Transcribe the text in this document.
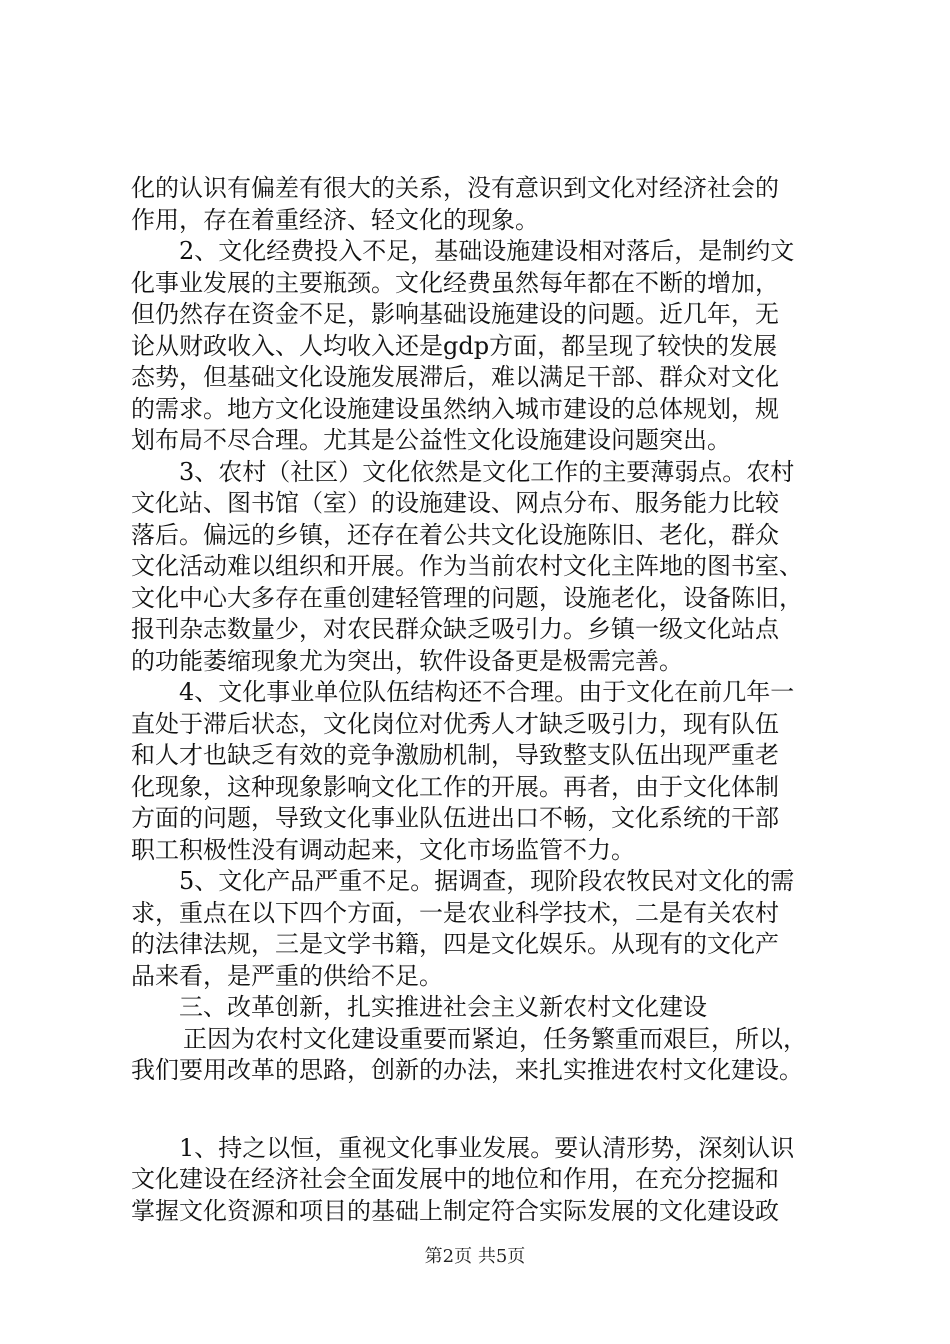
化的认识有偏差有很大的关系，没有意识到文化对经济社会的
作用，存在着重经济、轻文化的现象。
2、文化经费投入不足，基础设施建设相对落后，是制约文
化事业发展的主要瓶颈。文化经费虽然每年都在不断的增加，
但仍然存在资金不足，影响基础设施建设的问题。近几年，无
论从财政收入、人均收入还是gdp方面，都呈现了较快的发展
态势，但基础文化设施发展滞后，难以满足干部、群众对文化
的需求。地方文化设施建设虽然纳入城市建设的总体规划，规
划布局不尽合理。尤其是公益性文化设施建设问题突出。
3、农村（社区）文化依然是文化工作的主要薄弱点。农村
文化站、图书馆（室）的设施建设、网点分布、服务能力比较
落后。偏远的乡镇，还存在着公共文化设施陈旧、老化，群众
文化活动难以组织和开展。作为当前农村文化主阵地的图书室、
文化中心大多存在重创建轻管理的问题，设施老化，设备陈旧，
报刊杂志数量少，对农民群众缺乏吸引力。乡镇一级文化站点
的功能萎缩现象尤为突出，软件设备更是极需完善。
4、文化事业单位队伍结构还不合理。由于文化在前几年一
直处于滞后状态，文化岗位对优秀人才缺乏吸引力，现有队伍
和人才也缺乏有效的竞争激励机制，导致整支队伍出现严重老
化现象，这种现象影响文化工作的开展。再者，由于文化体制
方面的问题，导致文化事业队伍进出口不畅，文化系统的干部
职工积极性没有调动起来，文化市场监管不力。
5、文化产品严重不足。据调查，现阶段农牧民对文化的需
求，重点在以下四个方面，一是农业科学技术，二是有关农村
的法律法规，三是文学书籍，四是文化娱乐。从现有的文化产
品来看，是严重的供给不足。
三、改革创新，扎实推进社会主义新农村文化建设
正因为农村文化建设重要而紧迫，任务繁重而艰巨，所以，
我们要用改革的思路，创新的办法，来扎实推进农村文化建设。
1、持之以恒，重视文化事业发展。要认清形势，深刻认识
文化建设在经济社会全面发展中的地位和作用，在充分挖掘和
掌握文化资源和项目的基础上制定符合实际发展的文化建设政
第2页 共5页
